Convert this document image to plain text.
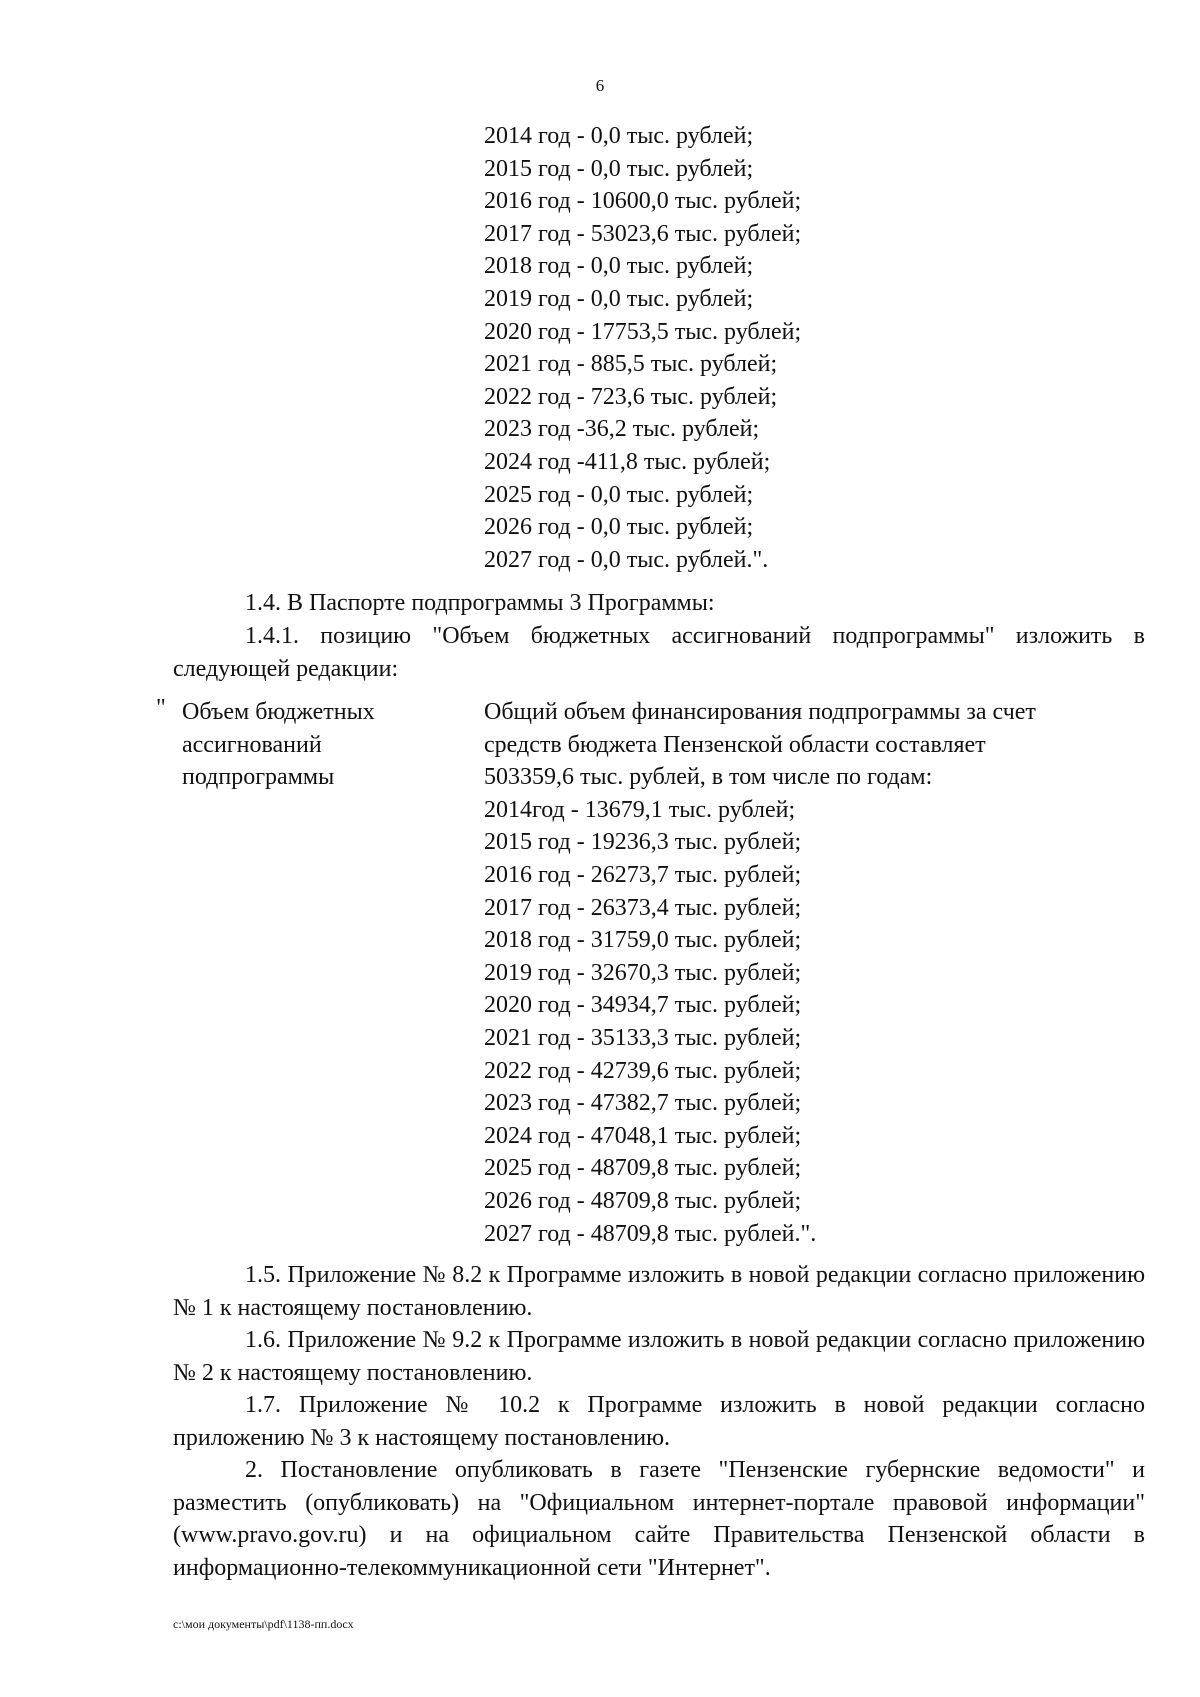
6
2014 год - 0,0 тыс. рублей;
2015 год - 0,0 тыс. рублей;
2016 год - 10600,0 тыс. рублей;
2017 год - 53023,6 тыс. рублей;
2018 год - 0,0 тыс. рублей;
2019 год - 0,0 тыс. рублей;
2020 год - 17753,5 тыс. рублей;
2021 год - 885,5 тыс. рублей;
2022 год - 723,6 тыс. рублей;
2023 год -36,2 тыс. рублей;
2024 год -411,8 тыс. рублей;
2025 год - 0,0 тыс. рублей;
2026 год - 0,0 тыс. рублей;
2027 год - 0,0 тыс. рублей.".
1.4. В Паспорте подпрограммы 3 Программы:
1.4.1. позицию "Объем бюджетных ассигнований подпрограммы" изложить в следующей редакции:
" Объем бюджетных ассигнований подпрограммы
Общий объем финансирования подпрограммы за счет
средств бюджета Пензенской области составляет
503359,6 тыс. рублей, в том числе по годам:
2014год - 13679,1 тыс. рублей;
2015 год - 19236,3 тыс. рублей;
2016 год - 26273,7 тыс. рублей;
2017 год - 26373,4 тыс. рублей;
2018 год - 31759,0 тыс. рублей;
2019 год - 32670,3 тыс. рублей;
2020 год - 34934,7 тыс. рублей;
2021 год - 35133,3 тыс. рублей;
2022 год - 42739,6 тыс. рублей;
2023 год - 47382,7 тыс. рублей;
2024 год - 47048,1 тыс. рублей;
2025 год - 48709,8 тыс. рублей;
2026 год - 48709,8 тыс. рублей;
2027 год - 48709,8 тыс. рублей.".
1.5. Приложение № 8.2 к Программе изложить в новой редакции согласно приложению № 1 к настоящему постановлению.
1.6. Приложение № 9.2 к Программе изложить в новой редакции согласно приложению № 2 к настоящему постановлению.
1.7. Приложение № 10.2 к Программе изложить в новой редакции согласно приложению № 3 к настоящему постановлению.
2. Постановление опубликовать в газете "Пензенские губернские ведомости" и разместить (опубликовать) на "Официальном интернет-портале правовой информации" (www.pravo.gov.ru) и на официальном сайте Правительства Пензенской области в информационно-телекоммуникационной сети "Интернет".
c:\мои документы\pdf\1138-пп.docx
